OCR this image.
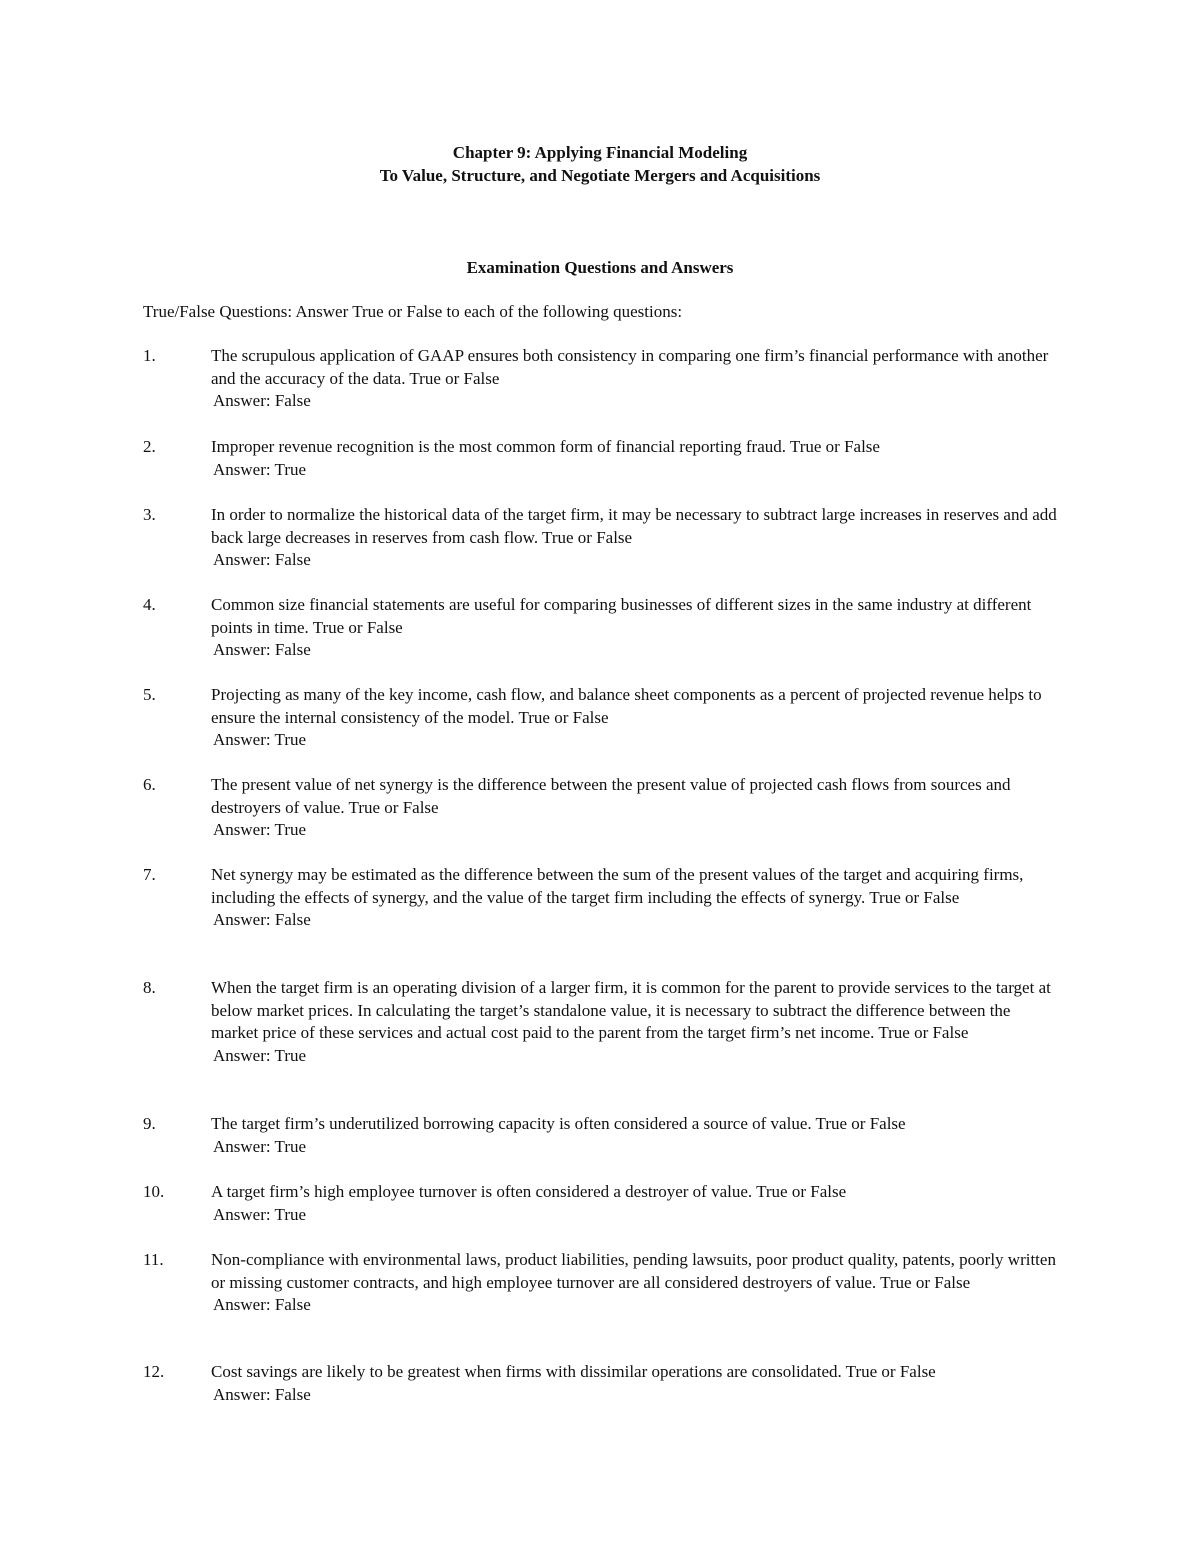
Chapter 9: Applying Financial Modeling
To Value, Structure, and Negotiate Mergers and Acquisitions
Examination Questions and Answers
True/False Questions: Answer True or False to each of the following questions:
1.	The scrupulous application of GAAP ensures both consistency in comparing one firm’s financial performance with another and the accuracy of the data. True or False
Answer: False
2.	Improper revenue recognition is the most common form of financial reporting fraud. True or False
Answer: True
3.	In order to normalize the historical data of the target firm, it may be necessary to subtract large increases in reserves and add back large decreases in reserves from cash flow. True or False
Answer: False
4.	Common size financial statements are useful for comparing businesses of different sizes in the same industry at different points in time. True or False
Answer: False
5.	Projecting as many of the key income, cash flow, and balance sheet components as a percent of projected revenue helps to ensure the internal consistency of the model. True or False
Answer: True
6.	The present value of net synergy is the difference between the present value of projected cash flows from sources and destroyers of value. True or False
Answer: True
7.	Net synergy may be estimated as the difference between the sum of the present values of the target and acquiring firms, including the effects of synergy, and the value of the target firm including the effects of synergy. True or False
Answer: False
8.	When the target firm is an operating division of a larger firm, it is common for the parent to provide services to the target at below market prices. In calculating the target’s standalone value, it is necessary to subtract the difference between the market price of these services and actual cost paid to the parent from the target firm’s net income. True or False
Answer: True
9.	The target firm’s underutilized borrowing capacity is often considered a source of value. True or False
Answer: True
10.	A target firm’s high employee turnover is often considered a destroyer of value. True or False
Answer: True
11.	Non-compliance with environmental laws, product liabilities, pending lawsuits, poor product quality, patents, poorly written or missing customer contracts, and high employee turnover are all considered destroyers of value. True or False
Answer: False
12.	Cost savings are likely to be greatest when firms with dissimilar operations are consolidated. True or False
Answer: False
